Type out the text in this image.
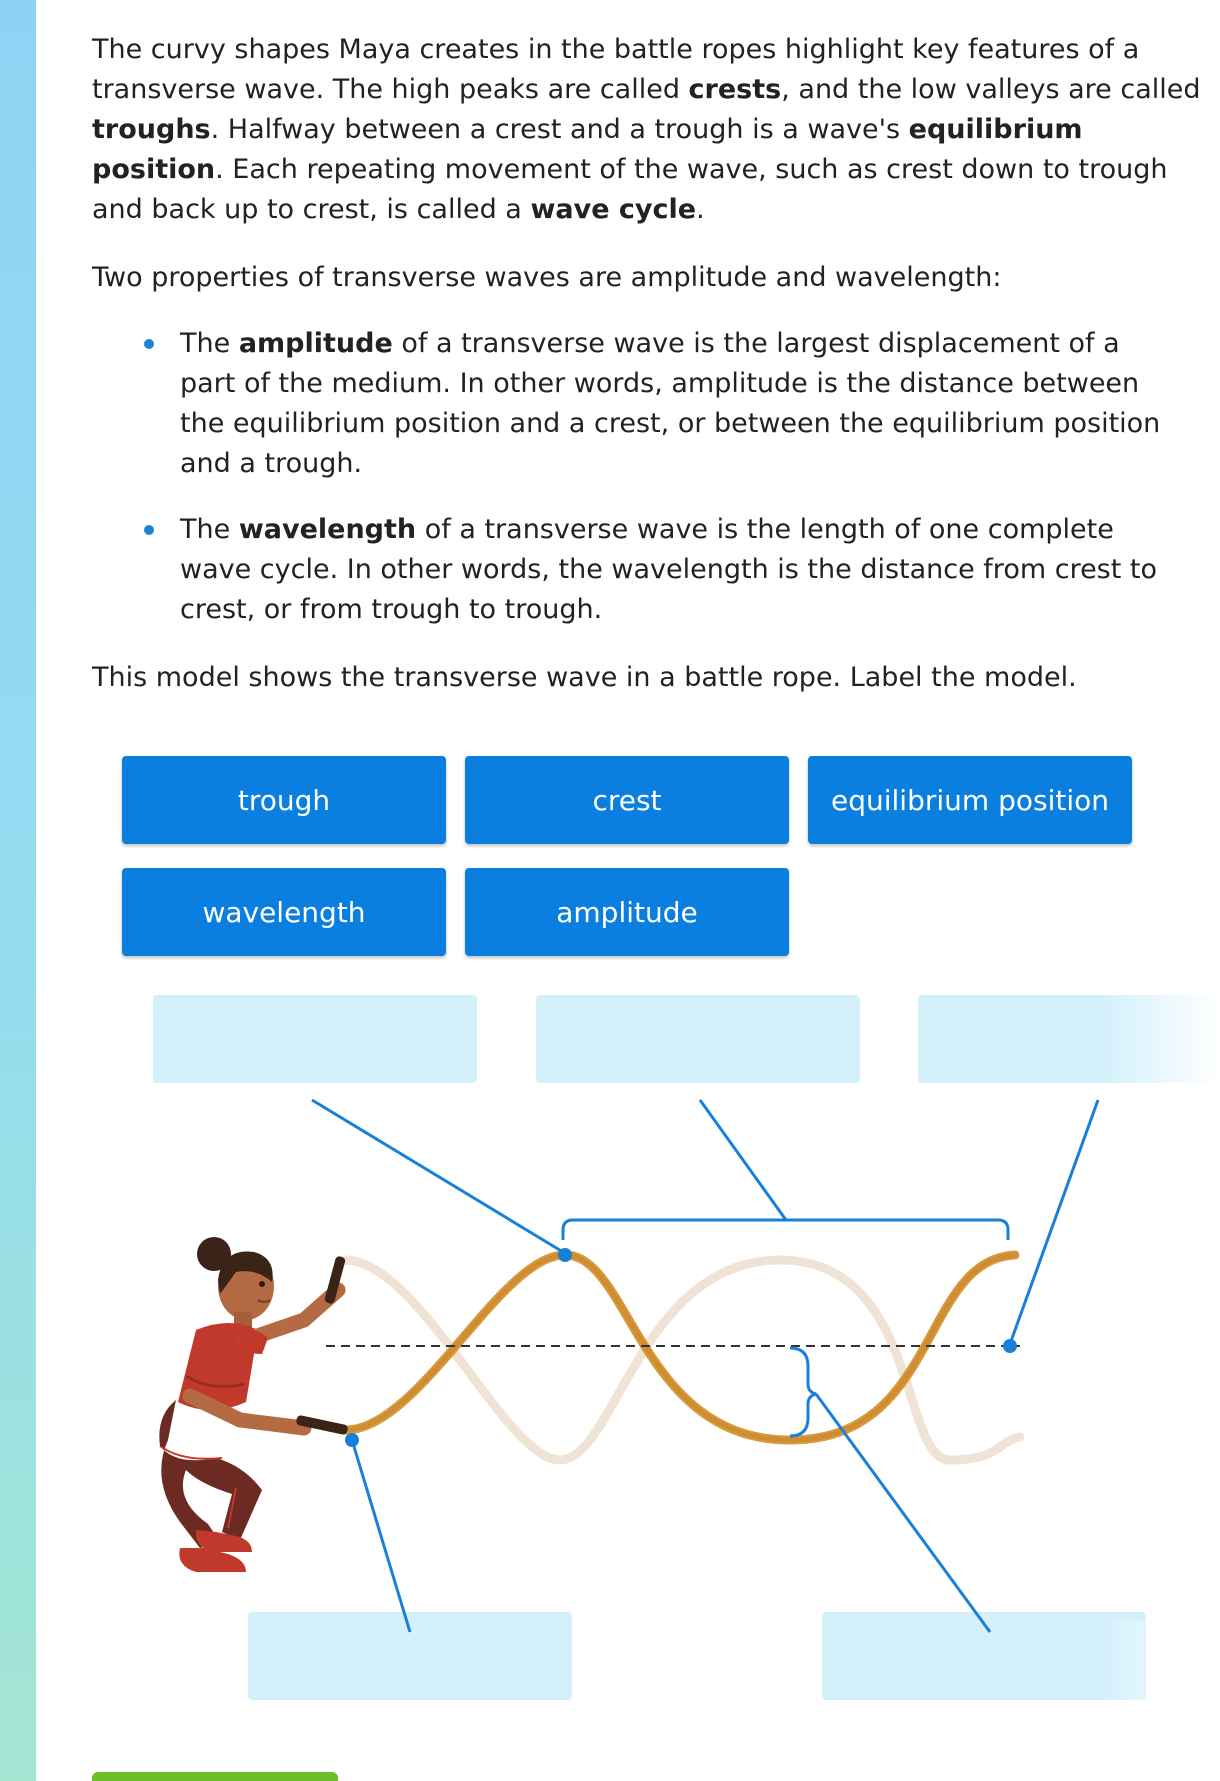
The curvy shapes Maya creates in the battle ropes highlight key features of a transverse wave. The high peaks are called crests, and the low valleys are called troughs. Halfway between a crest and a trough is a wave's equilibrium position. Each repeating movement of the wave, such as crest down to trough and back up to crest, is called a wave cycle.

Two properties of transverse waves are amplitude and wavelength:

The amplitude of a transverse wave is the largest displacement of a part of the medium. In other words, amplitude is the distance between the equilibrium position and a crest, or between the equilibrium position and a trough.
The wavelength of a transverse wave is the length of one complete wave cycle. In other words, the wavelength is the distance from crest to crest, or from trough to trough.

This model shows the transverse wave in a battle rope. Label the model.

trough	crest	equilibrium position
wavelength	amplitude
